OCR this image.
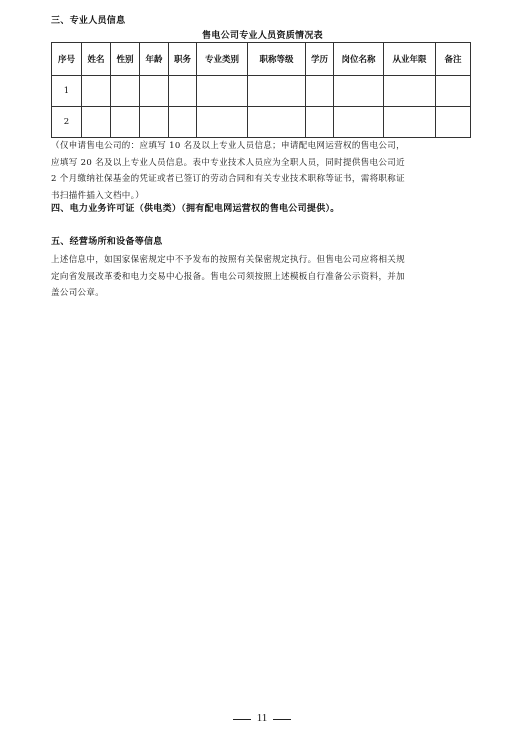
三、专业人员信息
售电公司专业人员资质情况表
序号	姓名	性别	年龄	职务	专业类别	职称等级	学历	岗位名称	从业年限	备注
1										
2										
（仅申请售电公司的：应填写 10 名及以上专业人员信息；申请配电网运营权的售电公司，
应填写 20 名及以上专业人员信息。表中专业技术人员应为全职人员，同时提供售电公司近
2 个月缴纳社保基金的凭证或者已签订的劳动合同和有关专业技术职称等证书，需将职称证
书扫描件插入文档中。）
四、电力业务许可证（供电类）（拥有配电网运营权的售电公司提供）。
五、经营场所和设备等信息
上述信息中，如国家保密规定中不予发布的按照有关保密规定执行。但售电公司应将相关规
定向省发展改革委和电力交易中心报备。售电公司须按照上述模板自行准备公示资料，并加
盖公司公章。
11
